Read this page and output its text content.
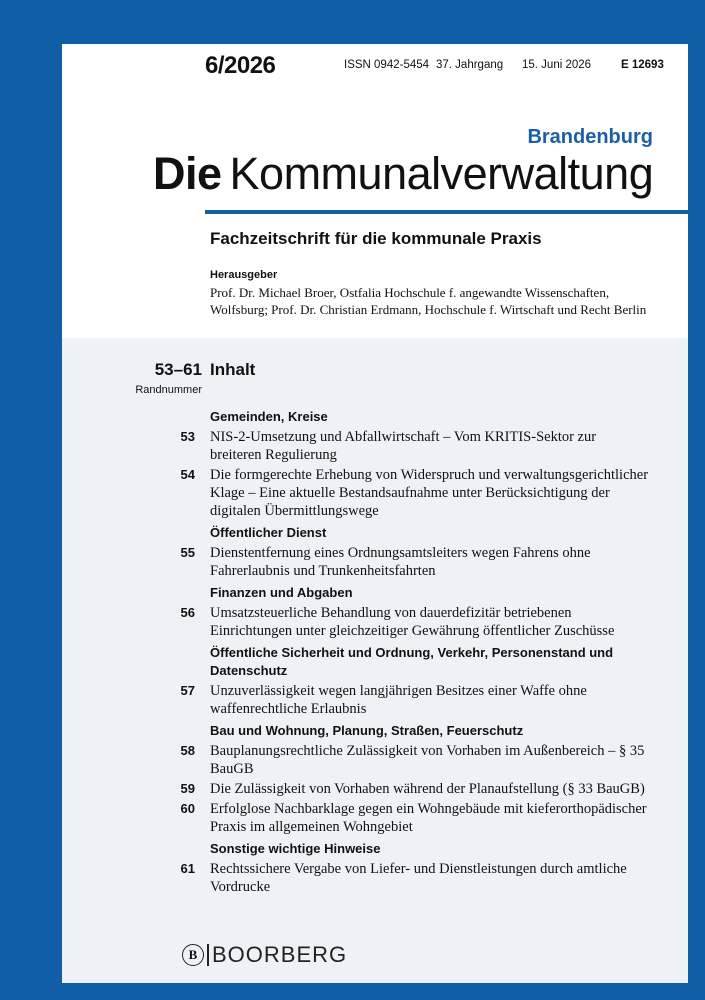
6/2026	ISSN 0942-5454 37. Jahrgang 15. Juni 2026	E 12693
Brandenburg
Die Kommunalverwaltung
Fachzeitschrift für die kommunale Praxis
Herausgeber
Prof. Dr. Michael Broer, Ostfalia Hochschule f. angewandte Wissenschaften, Wolfsburg; Prof. Dr. Christian Erdmann, Hochschule f. Wirtschaft und Recht Berlin
53–61
Randnummer
Inhalt
Gemeinden, Kreise
53 NIS-2-Umsetzung und Abfallwirtschaft – Vom KRITIS-Sektor zur breiteren Regulierung
54 Die formgerechte Erhebung von Widerspruch und verwaltungsgerichtlicher Klage – Eine aktuelle Bestandsaufnahme unter Berücksichtigung der digitalen Übermittlungswege
Öffentlicher Dienst
55 Dienstentfernung eines Ordnungsamtsleiters wegen Fahrens ohne Fahrerlaubnis und Trunkenheitsfahrten
Finanzen und Abgaben
56 Umsatzsteuerliche Behandlung von dauerdefizitär betriebenen Einrichtungen unter gleichzeitiger Gewährung öffentlicher Zuschüsse
Öffentliche Sicherheit und Ordnung, Verkehr, Personenstand und Datenschutz
57 Unzuverlässigkeit wegen langjährigen Besitzes einer Waffe ohne waffenrechtliche Erlaubnis
Bau und Wohnung, Planung, Straßen, Feuerschutz
58 Bauplanungsrechtliche Zulässigkeit von Vorhaben im Außenbereich – § 35 BauGB
59 Die Zulässigkeit von Vorhaben während der Planaufstellung (§ 33 BauGB)
60 Erfolglose Nachbarklage gegen ein Wohngebäude mit kieferorthopädischer Praxis im allgemeinen Wohngebiet
Sonstige wichtige Hinweise
61 Rechtssichere Vergabe von Liefer- und Dienstleistungen durch amtliche Vordrucke
B BOORBERG
